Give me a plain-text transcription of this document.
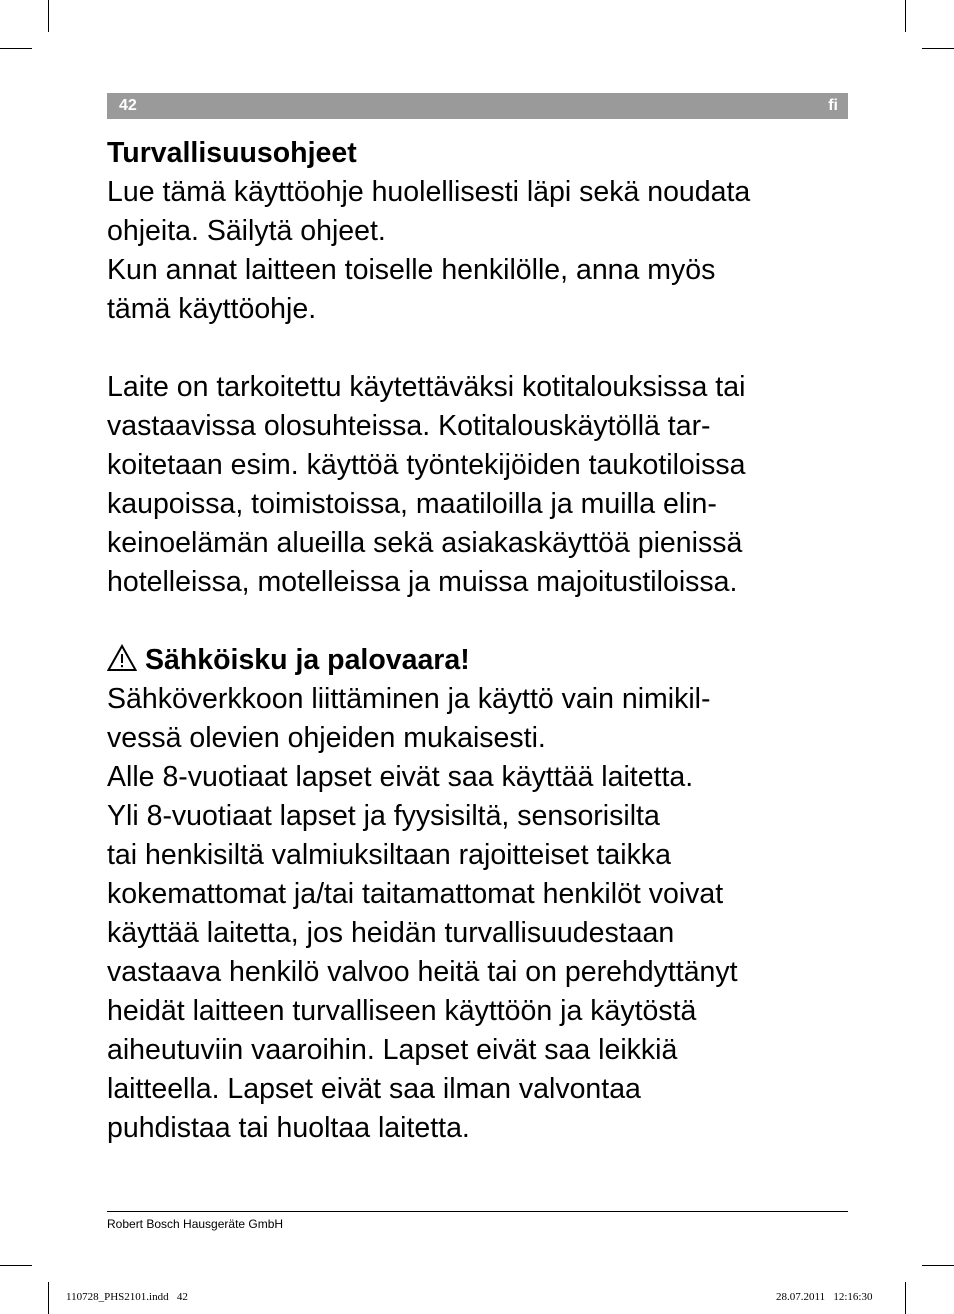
42	fi
Turvallisuusohjeet
Lue tämä käyttöohje huolellisesti läpi sekä noudata
ohjeita. Säilytä ohjeet.
Kun annat laitteen toiselle henkilölle, anna myös
tämä käyttöohje.
Laite on tarkoitettu käytettäväksi kotitalouksissa tai
vastaavissa olosuhteissa. Kotitalouskäytöllä tar-
koitetaan esim. käyttöä työntekijöiden taukotiloissa
kaupoissa, toimistoissa, maatiloilla ja muilla elin-
keinoelämän alueilla sekä asiakaskäyttöä pienissä
hotelleissa, motelleissa ja muissa majoitustiloissa.
Sähköisku ja palovaara!
Sähköverkkoon liittäminen ja käyttö vain nimikil-
vessä olevien ohjeiden mukaisesti.
Alle 8-vuotiaat lapset eivät saa käyttää laitetta.
Yli 8-vuotiaat lapset ja fyysisiltä, sensorisilta
tai henkisiltä valmiuksiltaan rajoitteiset taikka
kokemattomat ja/tai taitamattomat henkilöt voivat
käyttää laitetta, jos heidän turvallisuudestaan
vastaava henkilö valvoo heitä tai on perehdyttänyt
heidät laitteen turvalliseen käyttöön ja käytöstä
aiheutuviin vaaroihin. Lapset eivät saa leikkiä
laitteella. Lapset eivät saa ilman valvontaa
puhdistaa tai huoltaa laitetta.
Robert Bosch Hausgeräte GmbH
110728_PHS2101.indd   42	28.07.2011   12:16:30
